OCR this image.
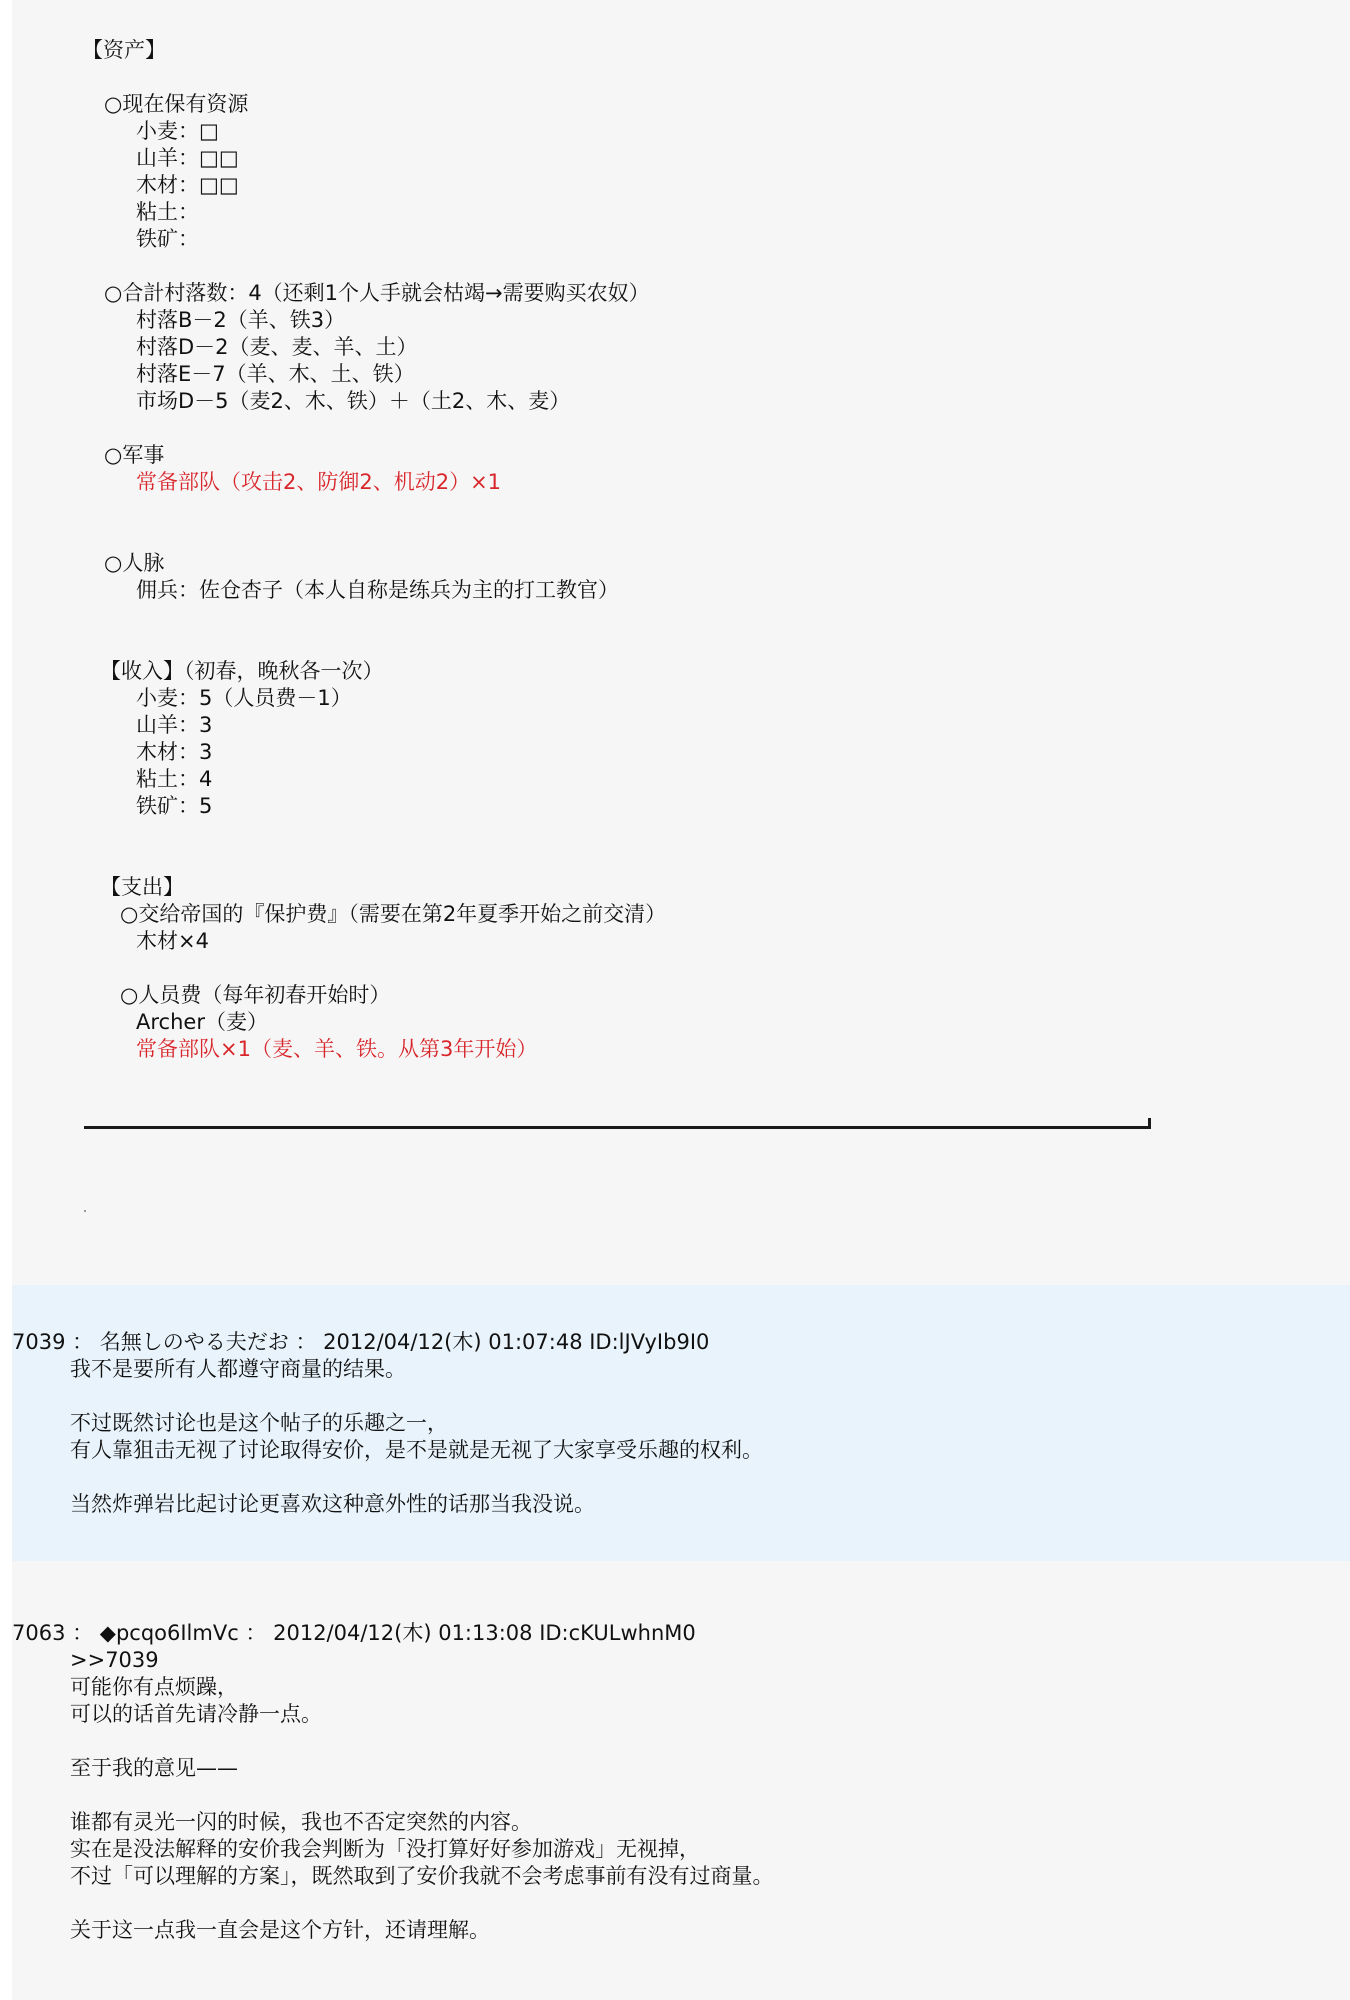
【资产】
○现在保有资源
小麦：□
山羊：□□
木材：□□
粘土：
铁矿：
○合計村落数：4（还剩1个人手就会枯竭→需要购买农奴）
村落B－2（羊、铁3）
村落D－2（麦、麦、羊、土）
村落E－7（羊、木、土、铁）
市场D－5（麦2、木、铁）＋（土2、木、麦）
○军事
常备部队（攻击2、防御2、机动2）×1
○人脉
佣兵：佐仓杏子（本人自称是练兵为主的打工教官）
【收入】（初春，晚秋各一次）
小麦：5（人员费－1）
山羊：3
木材：3
粘土：4
铁矿：5
【支出】
○交给帝国的『保护费』（需要在第2年夏季开始之前交清）
木材×4
○人员费（每年初春开始时）
Archer（麦）
常备部队×1（麦、羊、铁。从第3年开始）
7039 ： 名無しのやる夫だお ： 2012/04/12(木) 01:07:48 ID:lJVyIb9I0
我不是要所有人都遵守商量的结果。
不过既然讨论也是这个帖子的乐趣之一，
有人靠狙击无视了讨论取得安价，是不是就是无视了大家享受乐趣的权利。
当然炸弹岩比起讨论更喜欢这种意外性的话那当我没说。
7063 ： ◆pcqo6IlmVc ： 2012/04/12(木) 01:13:08 ID:cKULwhnM0
>>7039
可能你有点烦躁，
可以的话首先请冷静一点。
至于我的意见——
谁都有灵光一闪的时候，我也不否定突然的内容。
实在是没法解释的安价我会判断为「没打算好好参加游戏」无视掉，
不过「可以理解的方案」，既然取到了安价我就不会考虑事前有没有过商量。
关于这一点我一直会是这个方针，还请理解。
